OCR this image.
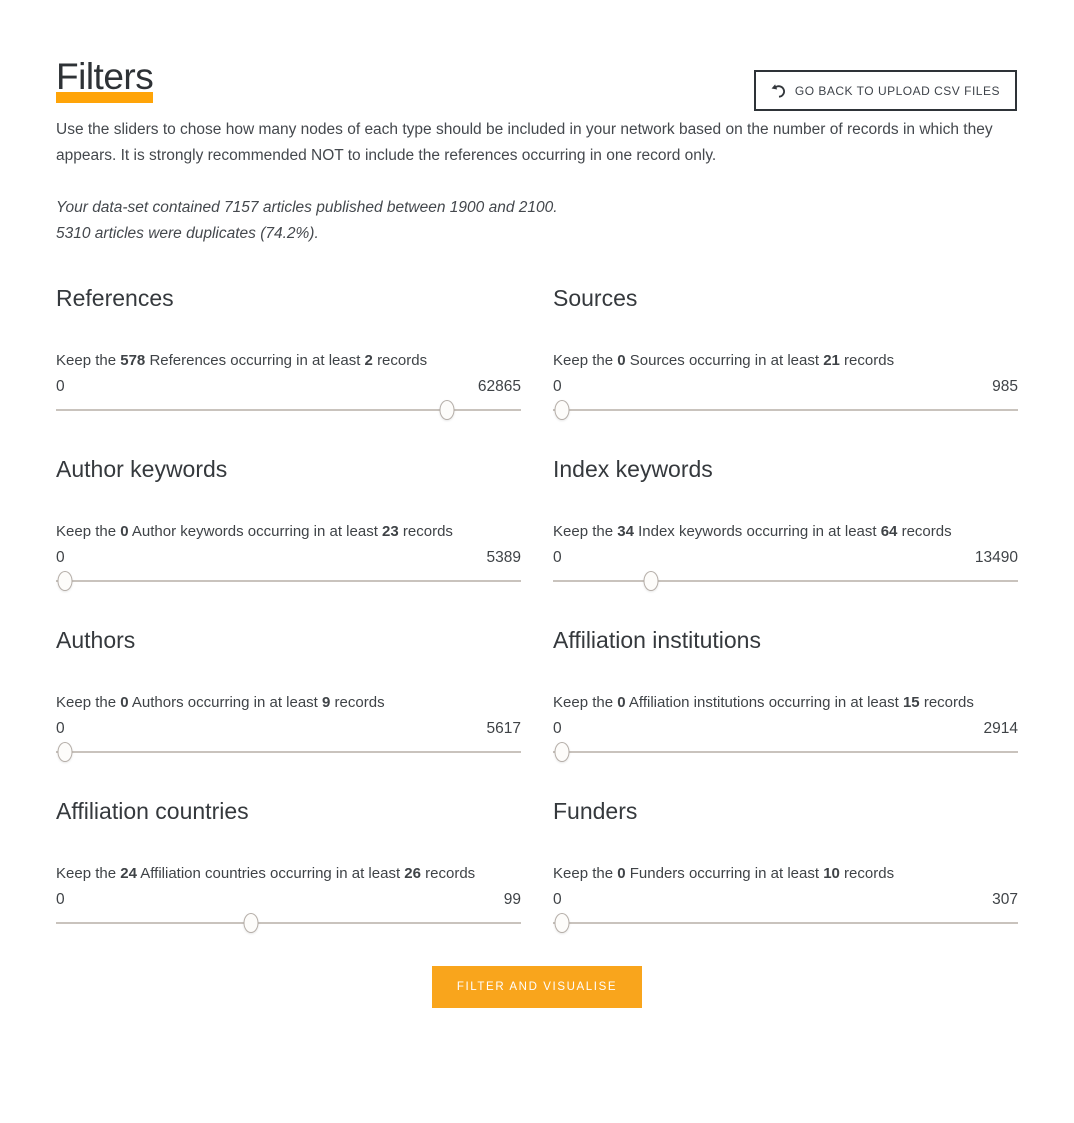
GO BACK TO UPLOAD CSV FILES
Filters

Use the sliders to chose how many nodes of each type should be included in your network based on the number of records in which they appears. It is strongly recommended NOT to include the references occurring in one record only.

Your data-set contained 7157 articles published between 1900 and 2100.
5310 articles were duplicates (74.2%).
References

Keep the 578 References occurring in at least 2 records

0	62865
Sources

Keep the 0 Sources occurring in at least 21 records

0	985
Author keywords

Keep the 0 Author keywords occurring in at least 23 records

0	5389
Index keywords

Keep the 34 Index keywords occurring in at least 64 records

0	13490
Authors

Keep the 0 Authors occurring in at least 9 records

0	5617
Affiliation institutions

Keep the 0 Affiliation institutions occurring in at least 15 records

0	2914
Affiliation countries

Keep the 24 Affiliation countries occurring in at least 26 records

0	99
Funders

Keep the 0 Funders occurring in at least 10 records

0	307
FILTER AND VISUALISE
